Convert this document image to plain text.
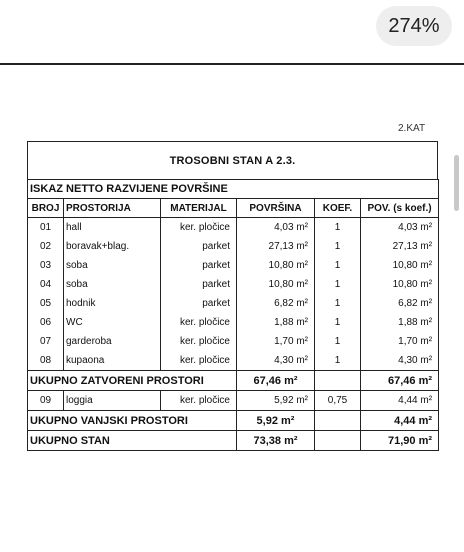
274%
2.KAT
TROSOBNI STAN A 2.3.
ISKAZ NETTO RAZVIJENE POVRŠINE					
BROJ	PROSTORIJA	MATERIJAL	POVRŠINA	KOEF.	POV. (s koef.)
01	hall	ker. pločice	4,03 m²	1	4,03 m²
02	boravak+blag.	parket	27,13 m²	1	27,13 m²
03	soba	parket	10,80 m²	1	10,80 m²
04	soba	parket	10,80 m²	1	10,80 m²
05	hodnik	parket	6,82 m²	1	6,82 m²
06	WC	ker. pločice	1,88 m²	1	1,88 m²
07	garderoba	ker. pločice	1,70 m²	1	1,70 m²
08	kupaona	ker. pločice	4,30 m²	1	4,30 m²
UKUPNO ZATVORENI PROSTORI			67,46 m²		67,46 m²
09	loggia	ker. pločice	5,92 m²	0,75	4,44 m²
UKUPNO VANJSKI PROSTORI			5,92 m²		4,44 m²
UKUPNO STAN			73,38 m²		71,90 m²
